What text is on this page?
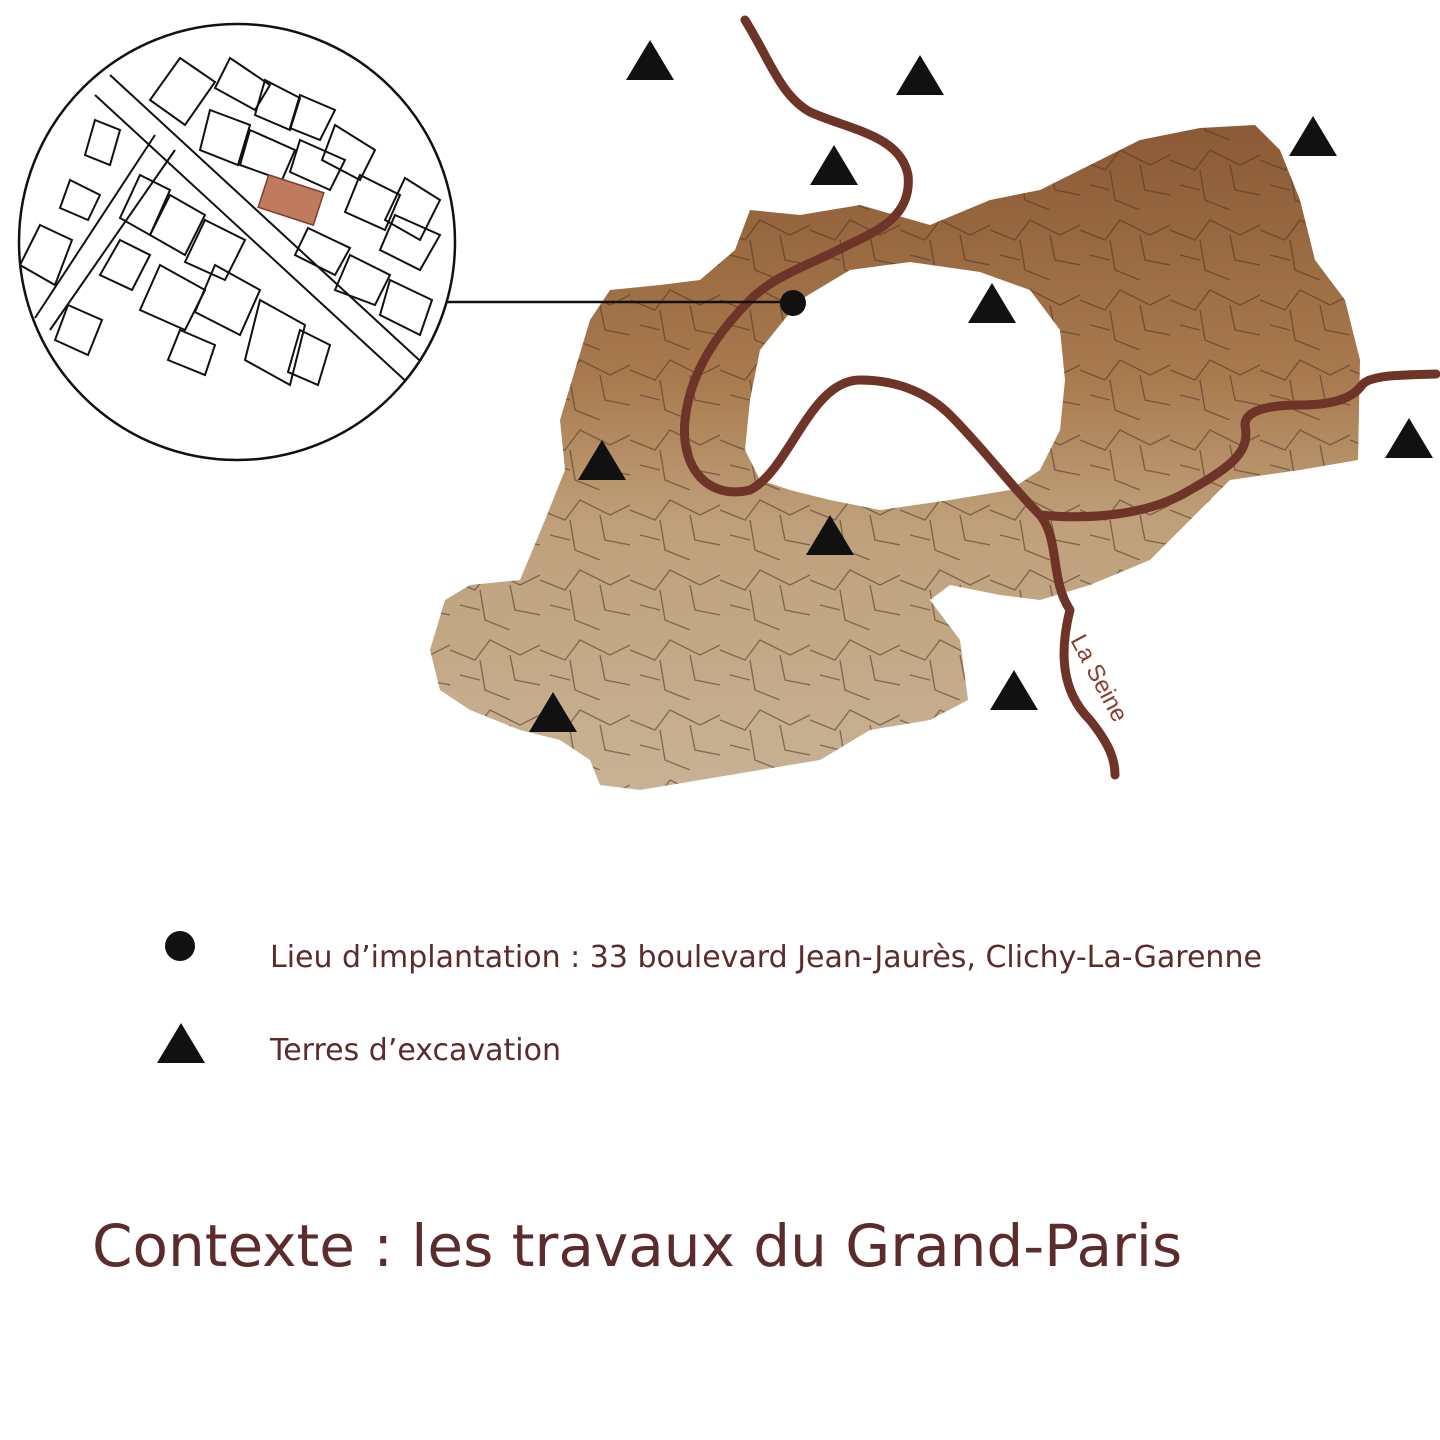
La Seine
Lieu d’implantation : 33 boulevard Jean-Jaurès, Clichy-La-Garenne
Terres d’excavation
Contexte : les travaux du Grand-Paris
